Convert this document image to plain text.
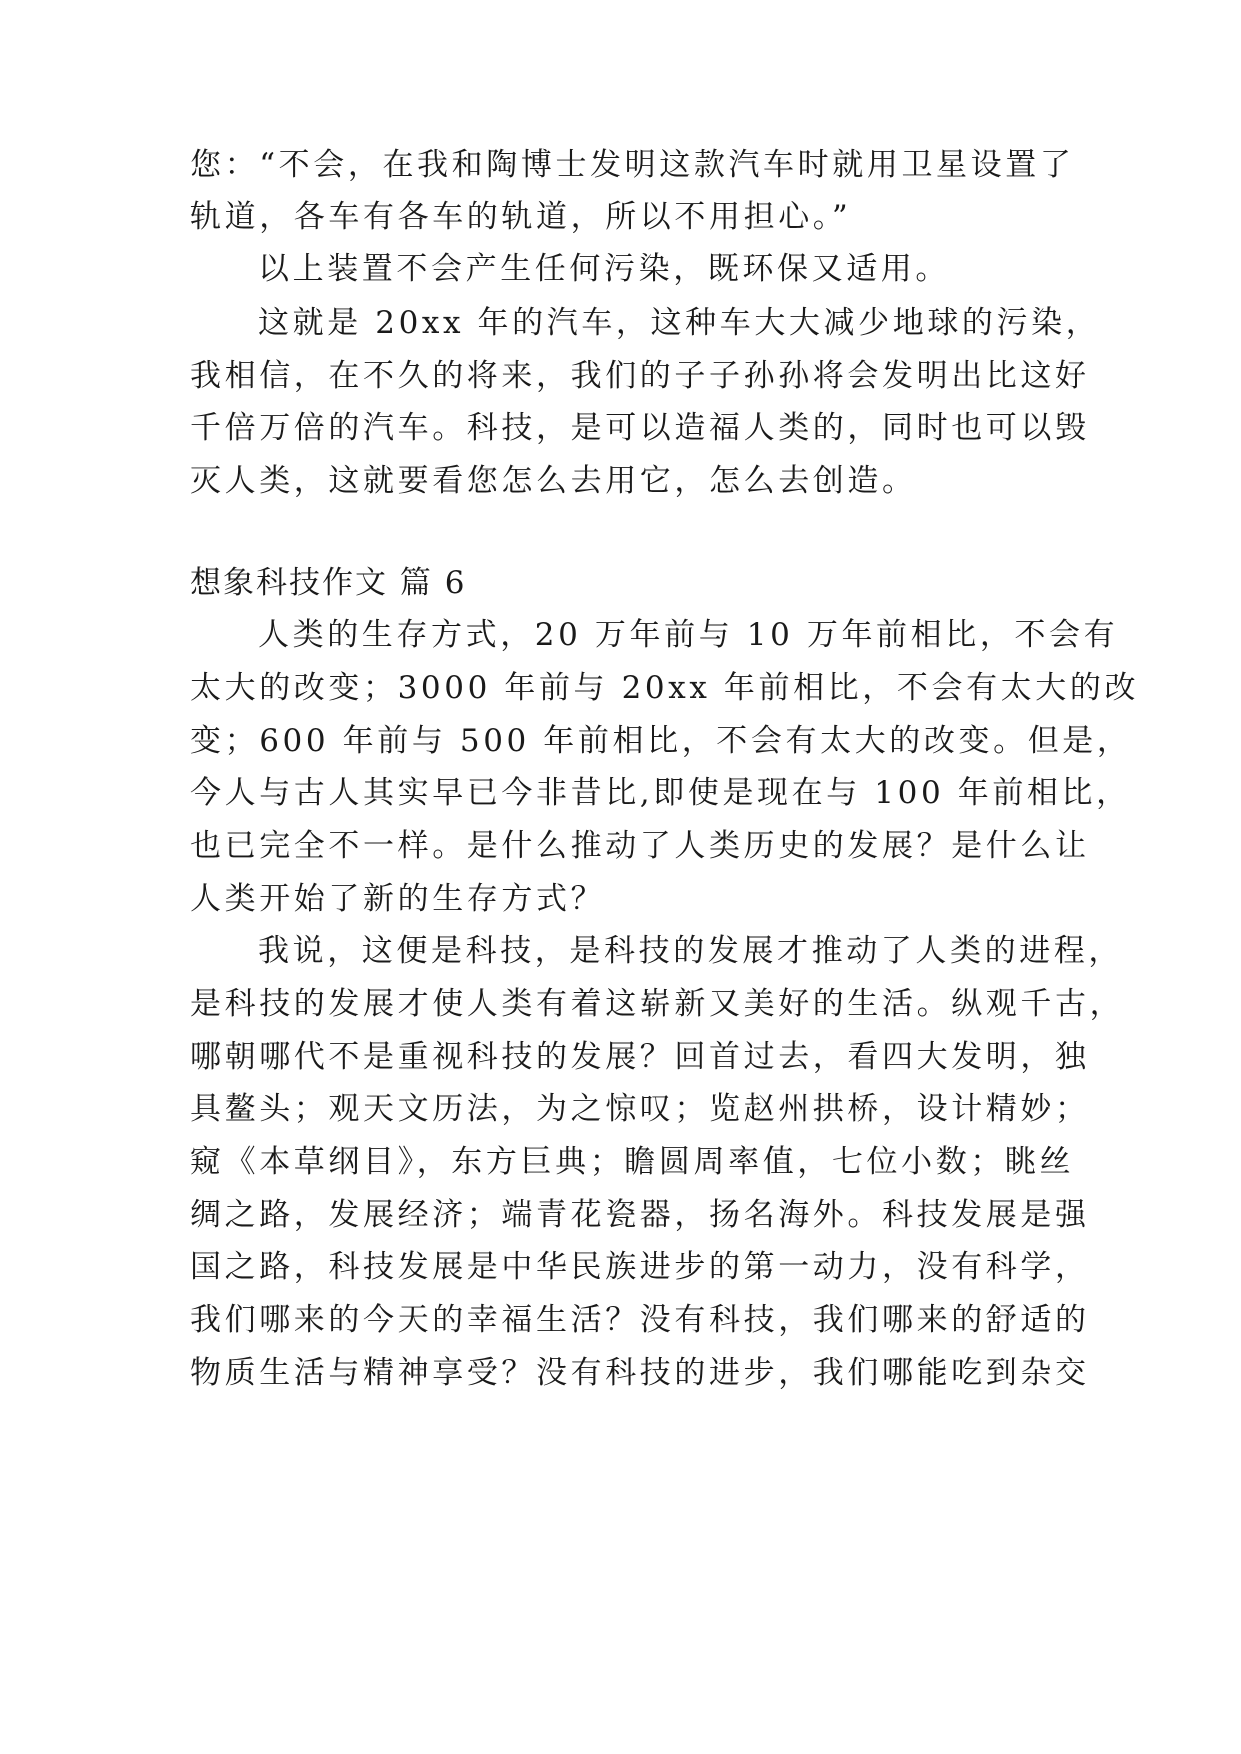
您：“不会，在我和陶博士发明这款汽车时就用卫星设置了
轨道，各车有各车的轨道，所以不用担心。”
以上装置不会产生任何污染，既环保又适用。
这就是 20xx 年的汽车，这种车大大减少地球的污染，
我相信，在不久的将来，我们的子子孙孙将会发明出比这好
千倍万倍的汽车。科技，是可以造福人类的，同时也可以毁
灭人类，这就要看您怎么去用它，怎么去创造。
想象科技作文 篇 6
人类的生存方式，20 万年前与 10 万年前相比，不会有
太大的改变；3000 年前与 20xx 年前相比，不会有太大的改
变；600 年前与 500 年前相比，不会有太大的改变。但是，
今人与古人其实早已今非昔比,即使是现在与 100 年前相比，
也已完全不一样。是什么推动了人类历史的发展？是什么让
人类开始了新的生存方式？
我说，这便是科技，是科技的发展才推动了人类的进程，
是科技的发展才使人类有着这崭新又美好的生活。纵观千古，
哪朝哪代不是重视科技的发展？回首过去，看四大发明，独
具鳌头；观天文历法，为之惊叹；览赵州拱桥，设计精妙；
窥《本草纲目》，东方巨典；瞻圆周率值，七位小数；眺丝
绸之路，发展经济；端青花瓷器，扬名海外。科技发展是强
国之路，科技发展是中华民族进步的第一动力，没有科学，
我们哪来的今天的幸福生活？没有科技，我们哪来的舒适的
物质生活与精神享受？没有科技的进步，我们哪能吃到杂交
